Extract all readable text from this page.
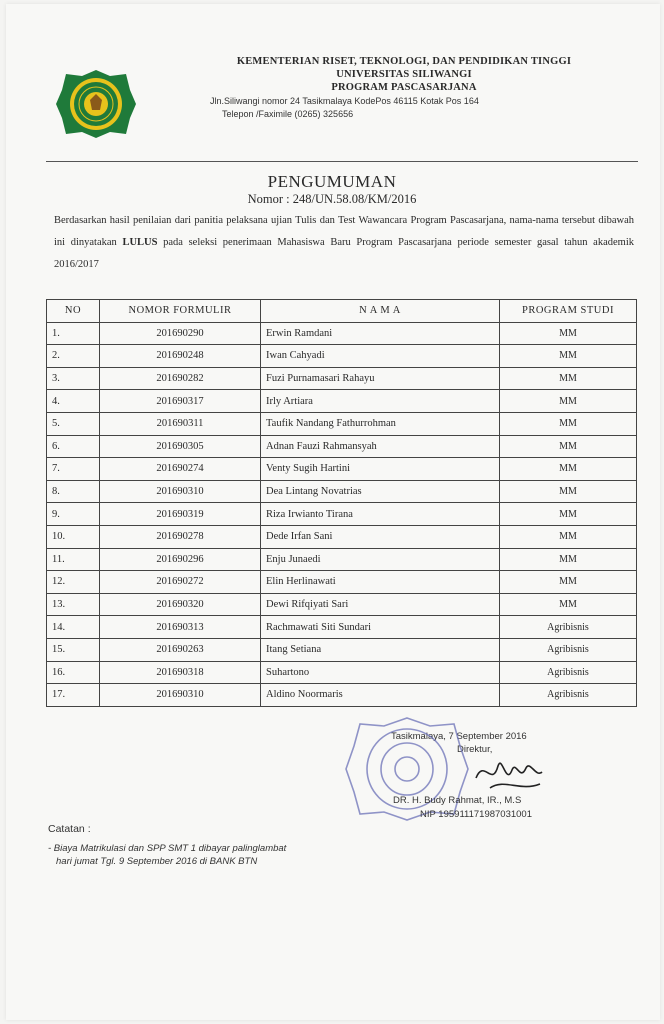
KEMENTERIAN RISET, TEKNOLOGI, DAN PENDIDIKAN TINGGI
UNIVERSITAS SILIWANGI
PROGRAM PASCASARJANA
Jln.Siliwangi nomor 24 Tasikmalaya KodePos 46115 Kotak Pos 164
Telepon /Faximile (0265) 325656
PENGUMUMAN
Nomor : 248/UN.58.08/KM/2016
Berdasarkan hasil penilaian dari panitia pelaksana ujian Tulis dan Test Wawancara Program Pascasarjana, nama-nama tersebut dibawah ini dinyatakan LULUS pada seleksi penerimaan Mahasiswa Baru Program Pascasarjana periode semester gasal tahun akademik 2016/2017
NO	NOMOR FORMULIR	N A M A	PROGRAM STUDI
1.	201690290	Erwin Ramdani	MM
2.	201690248	Iwan Cahyadi	MM
3.	201690282	Fuzi Purnamasari Rahayu	MM
4.	201690317	Irly Artiara	MM
5.	201690311	Taufik Nandang Fathurrohman	MM
6.	201690305	Adnan Fauzi Rahmansyah	MM
7.	201690274	Venty Sugih Hartini	MM
8.	201690310	Dea Lintang Novatrias	MM
9.	201690319	Riza Irwianto Tirana	MM
10.	201690278	Dede Irfan Sani	MM
11.	201690296	Enju Junaedi	MM
12.	201690272	Elin Herlinawati	MM
13.	201690320	Dewi Rifqiyati Sari	MM
14.	201690313	Rachmawati Siti Sundari	Agribisnis
15.	201690263	Itang Setiana	Agribisnis
16.	201690318	Suhartono	Agribisnis
17.	201690310	Aldino Noormaris	Agribisnis
Tasikmalaya, 7 September 2016
Direktur,
DR. H. Budy Rahmat, IR., M.S
NIP 195911171987031001
Catatan :
- Biaya Matrikulasi dan SPP SMT 1 dibayar palinglambat
hari jumat Tgl. 9 September 2016 di BANK BTN
